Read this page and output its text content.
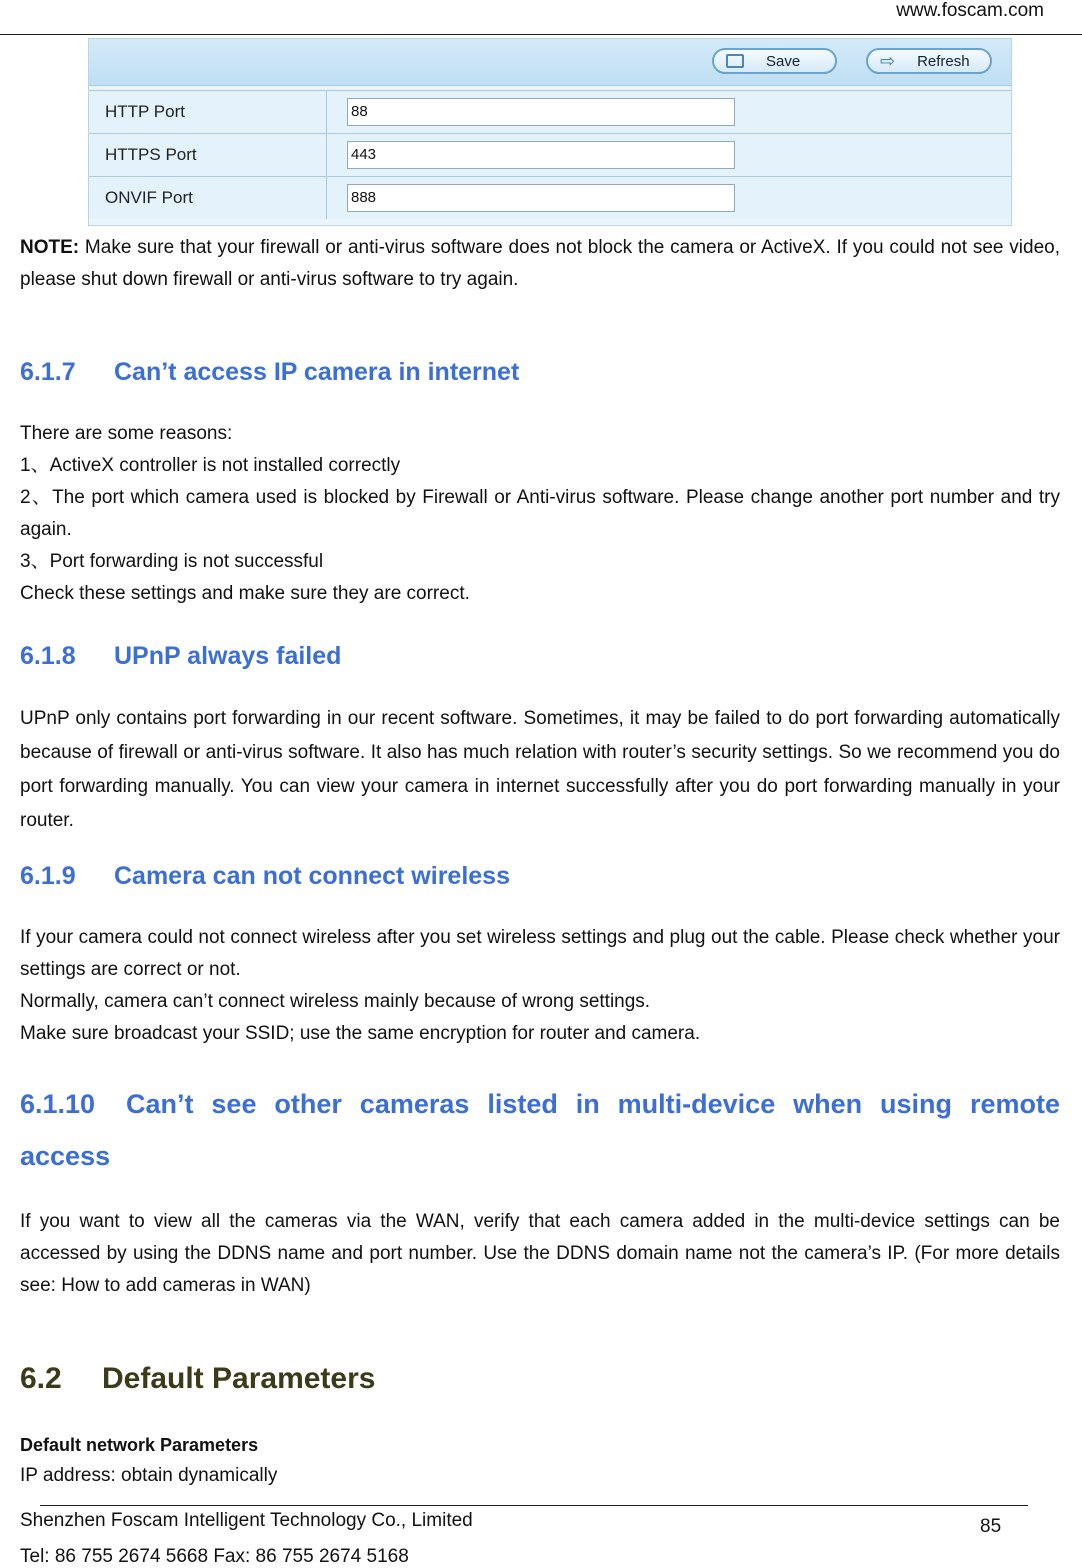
www.foscam.com
Save	⇨ Refresh
HTTP Port	88
HTTPS Port	443
ONVIF Port	888

NOTE: Make sure that your firewall or anti-virus software does not block the camera or ActiveX. If you could not see video, please shut down firewall or anti-virus software to try again.

6.1.7 Can’t access IP camera in internet

There are some reasons:

1、ActiveX controller is not installed correctly

2、The port which camera used is blocked by Firewall or Anti-virus software. Please change another port number and try again.

3、Port forwarding is not successful

Check these settings and make sure they are correct.

6.1.8 UPnP always failed

UPnP only contains port forwarding in our recent software. Sometimes, it may be failed to do port forwarding automatically because of firewall or anti-virus software. It also has much relation with router’s security settings. So we recommend you do port forwarding manually. You can view your camera in internet successfully after you do port forwarding manually in your router.

6.1.9 Camera can not connect wireless

If your camera could not connect wireless after you set wireless settings and plug out the cable. Please check whether your settings are correct or not.

Normally, camera can’t connect wireless mainly because of wrong settings.

Make sure broadcast your SSID; use the same encryption for router and camera.

6.1.10 Can’t see other cameras listed in multi-device when using remote access

If you want to view all the cameras via the WAN, verify that each camera added in the multi-device settings can be accessed by using the DDNS name and port number. Use the DDNS domain name not the camera’s IP. (For more details see: How to add cameras in WAN)

6.2 Default Parameters

Default network Parameters

IP address: obtain dynamically

Shenzhen Foscam Intelligent Technology Co., Limited
Tel: 86 755 2674 5668 Fax: 86 755 2674 5168
85
